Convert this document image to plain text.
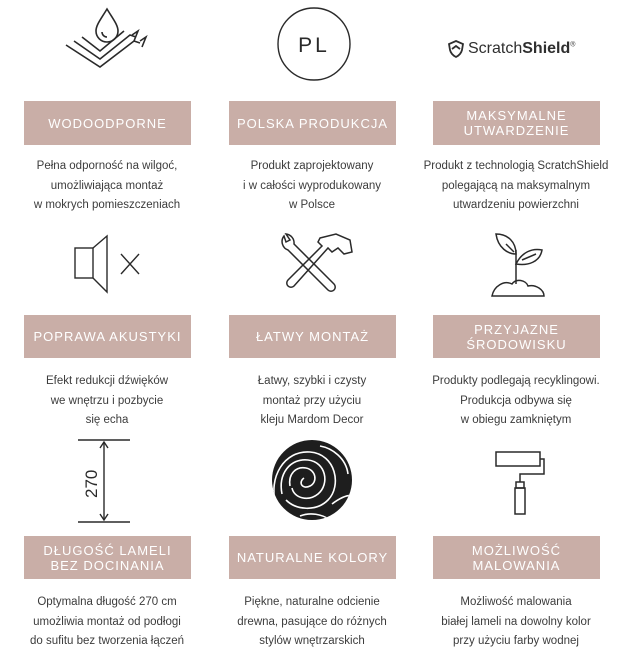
PL	ScratchShield®
WODOODPORNE	POLSKA PRODUKCJA	MAKSYMALNE
UTWARDZENIE
Pełna odporność na wilgoć,
umożliwiająca montaż
w mokrych pomieszczeniach
Produkt zaprojektowany
i w całości wyprodukowany
w Polsce
Produkt z technologią ScratchShield
polegającą na maksymalnym
utwardzeniu powierzchni
POPRAWA AKUSTYKI	ŁATWY MONTAŻ	PRZYJAZNE
ŚRODOWISKU
Efekt redukcji dźwięków
we wnętrzu i pozbycie
się echa
Łatwy, szybki i czysty
montaż przy użyciu
kleju Mardom Decor
Produkty podlegają recyklingowi.
Produkcja odbywa się
w obiegu zamkniętym
270
DŁUGOŚĆ LAMELI
BEZ DOCINANIA	NATURALNE KOLORY	MOŻLIWOŚĆ
MALOWANIA
Optymalna długość 270 cm
umożliwia montaż od podłogi
do sufitu bez tworzenia łączeń
Piękne, naturalne odcienie
drewna, pasujące do różnych
stylów wnętrzarskich
Możliwość malowania
białej lameli na dowolny kolor
przy użyciu farby wodnej
